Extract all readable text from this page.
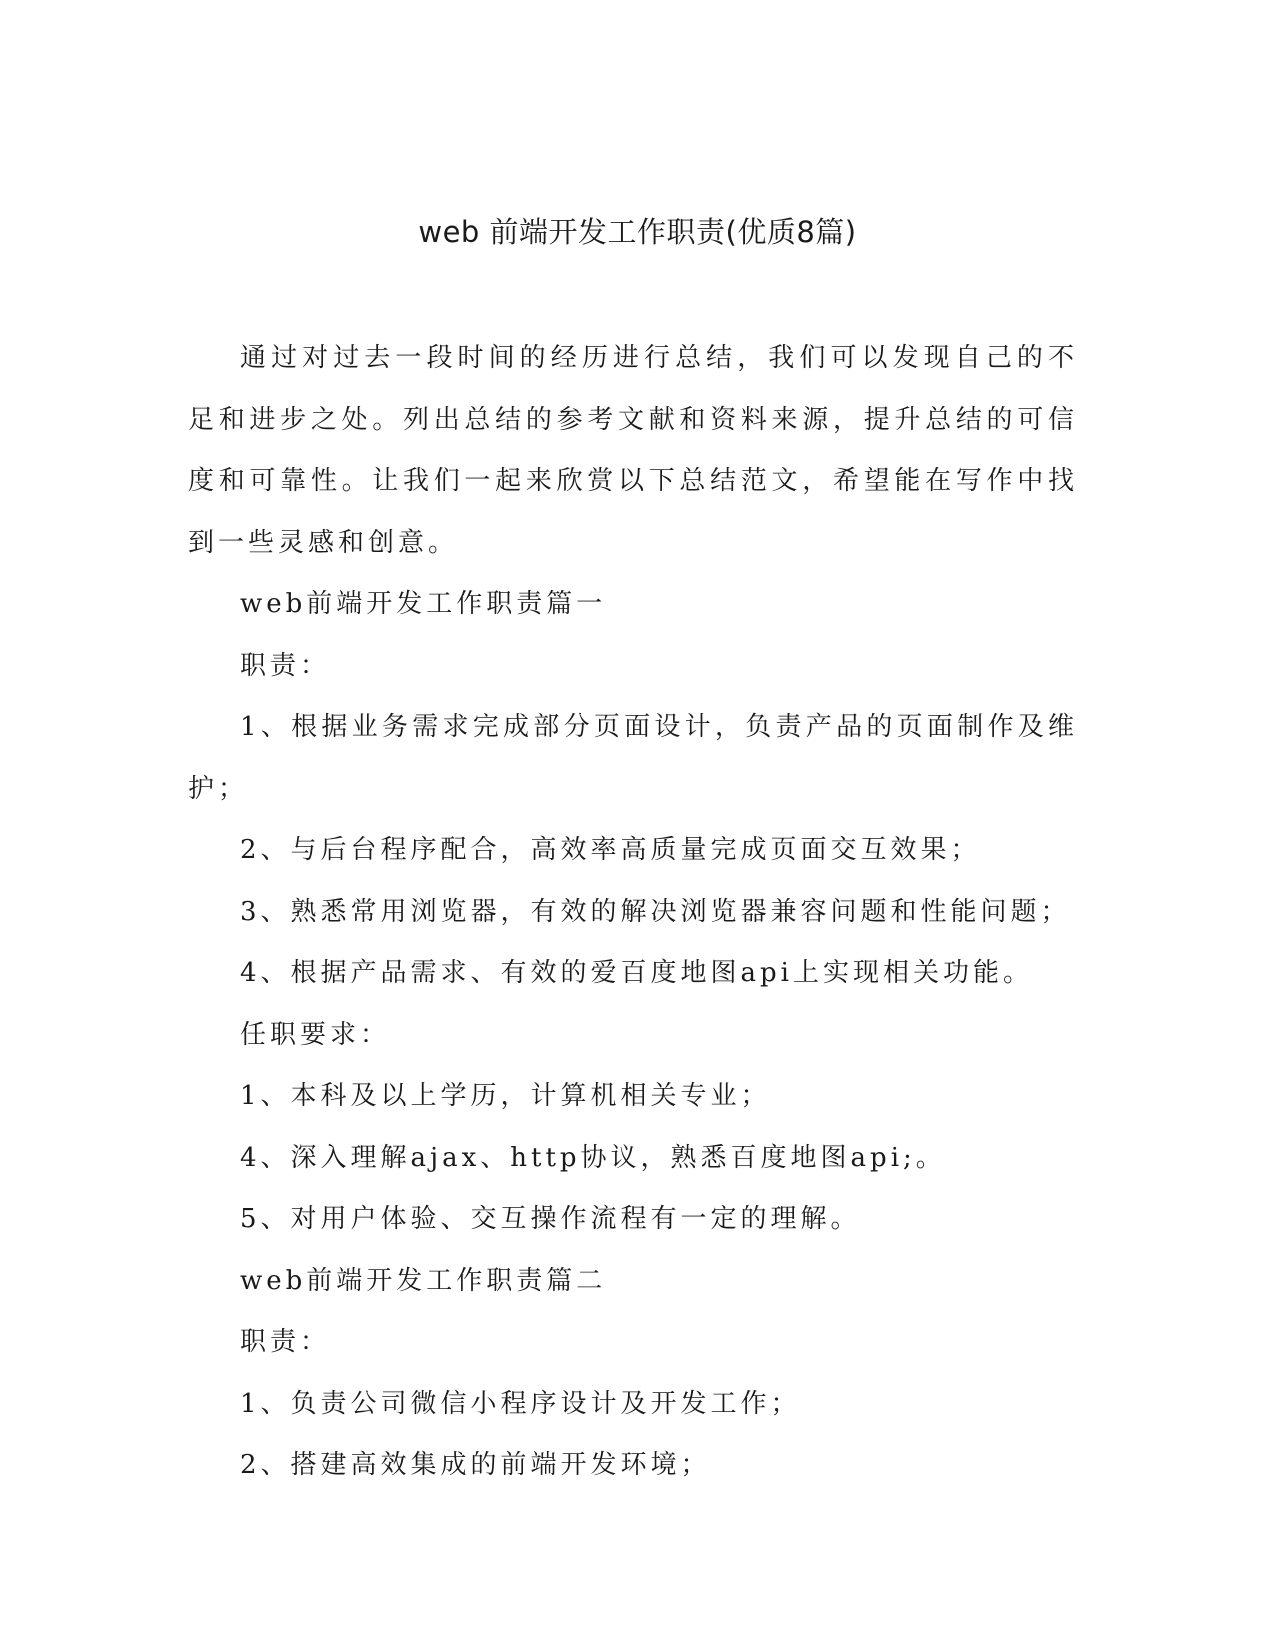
web 前端开发工作职责(优质8篇)

通过对过去一段时间的经历进行总结，我们可以发现自己的不足和进步之处。列出总结的参考文献和资料来源，提升总结的可信度和可靠性。让我们一起来欣赏以下总结范文，希望能在写作中找到一些灵感和创意。

web前端开发工作职责篇一

职责：

1、根据业务需求完成部分页面设计，负责产品的页面制作及维护；

2、与后台程序配合，高效率高质量完成页面交互效果；

3、熟悉常用浏览器，有效的解决浏览器兼容问题和性能问题；

4、根据产品需求、有效的爱百度地图api上实现相关功能。

任职要求：

1、本科及以上学历，计算机相关专业；

4、深入理解ajax、http协议，熟悉百度地图api;。

5、对用户体验、交互操作流程有一定的理解。

web前端开发工作职责篇二

职责：

1、负责公司微信小程序设计及开发工作；

2、搭建高效集成的前端开发环境；
